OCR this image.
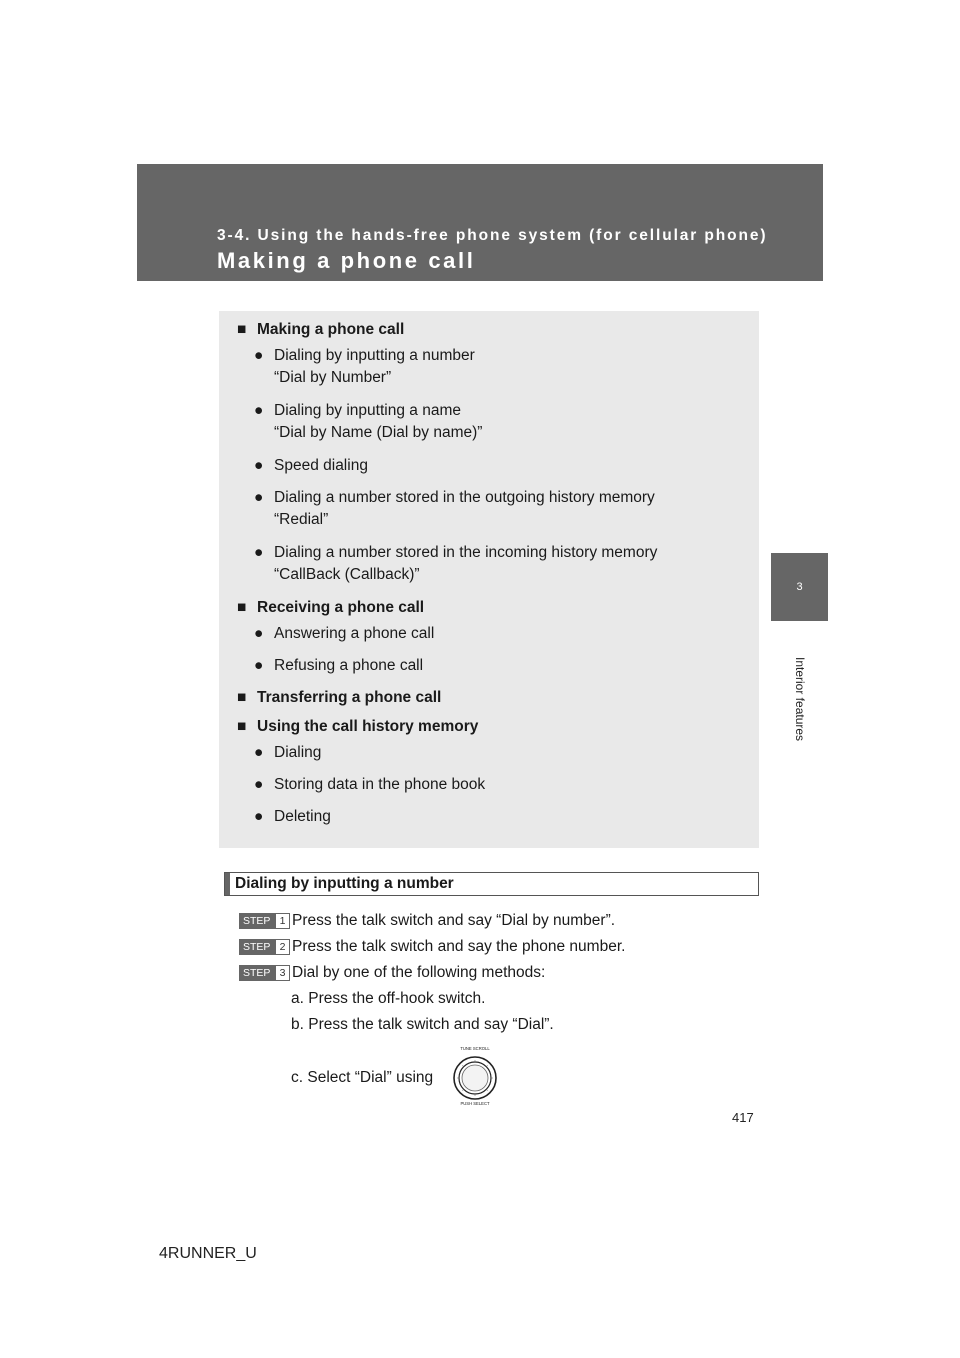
3-4. Using the hands-free phone system (for cellular phone)
Making a phone call
3
Interior features
■ Making a phone call
● Dialing by inputting a number
“Dial by Number”
● Dialing by inputting a name
“Dial by Name (Dial by name)”
● Speed dialing
● Dialing a number stored in the outgoing history memory
“Redial”
● Dialing a number stored in the incoming history memory
“CallBack (Callback)”
■ Receiving a phone call
● Answering a phone call
● Refusing a phone call
■ Transferring a phone call
■ Using the call history memory
● Dialing
● Storing data in the phone book
● Deleting
Dialing by inputting a number
STEP 1 Press the talk switch and say “Dial by number”.
STEP 2 Press the talk switch and say the phone number.
STEP 3 Dial by one of the following methods:
a. Press the off-hook switch.
b. Press the talk switch and say “Dial”.
c. Select “Dial” using
TUNE SCROLL
PUSH SELECT
417
4RUNNER_U
